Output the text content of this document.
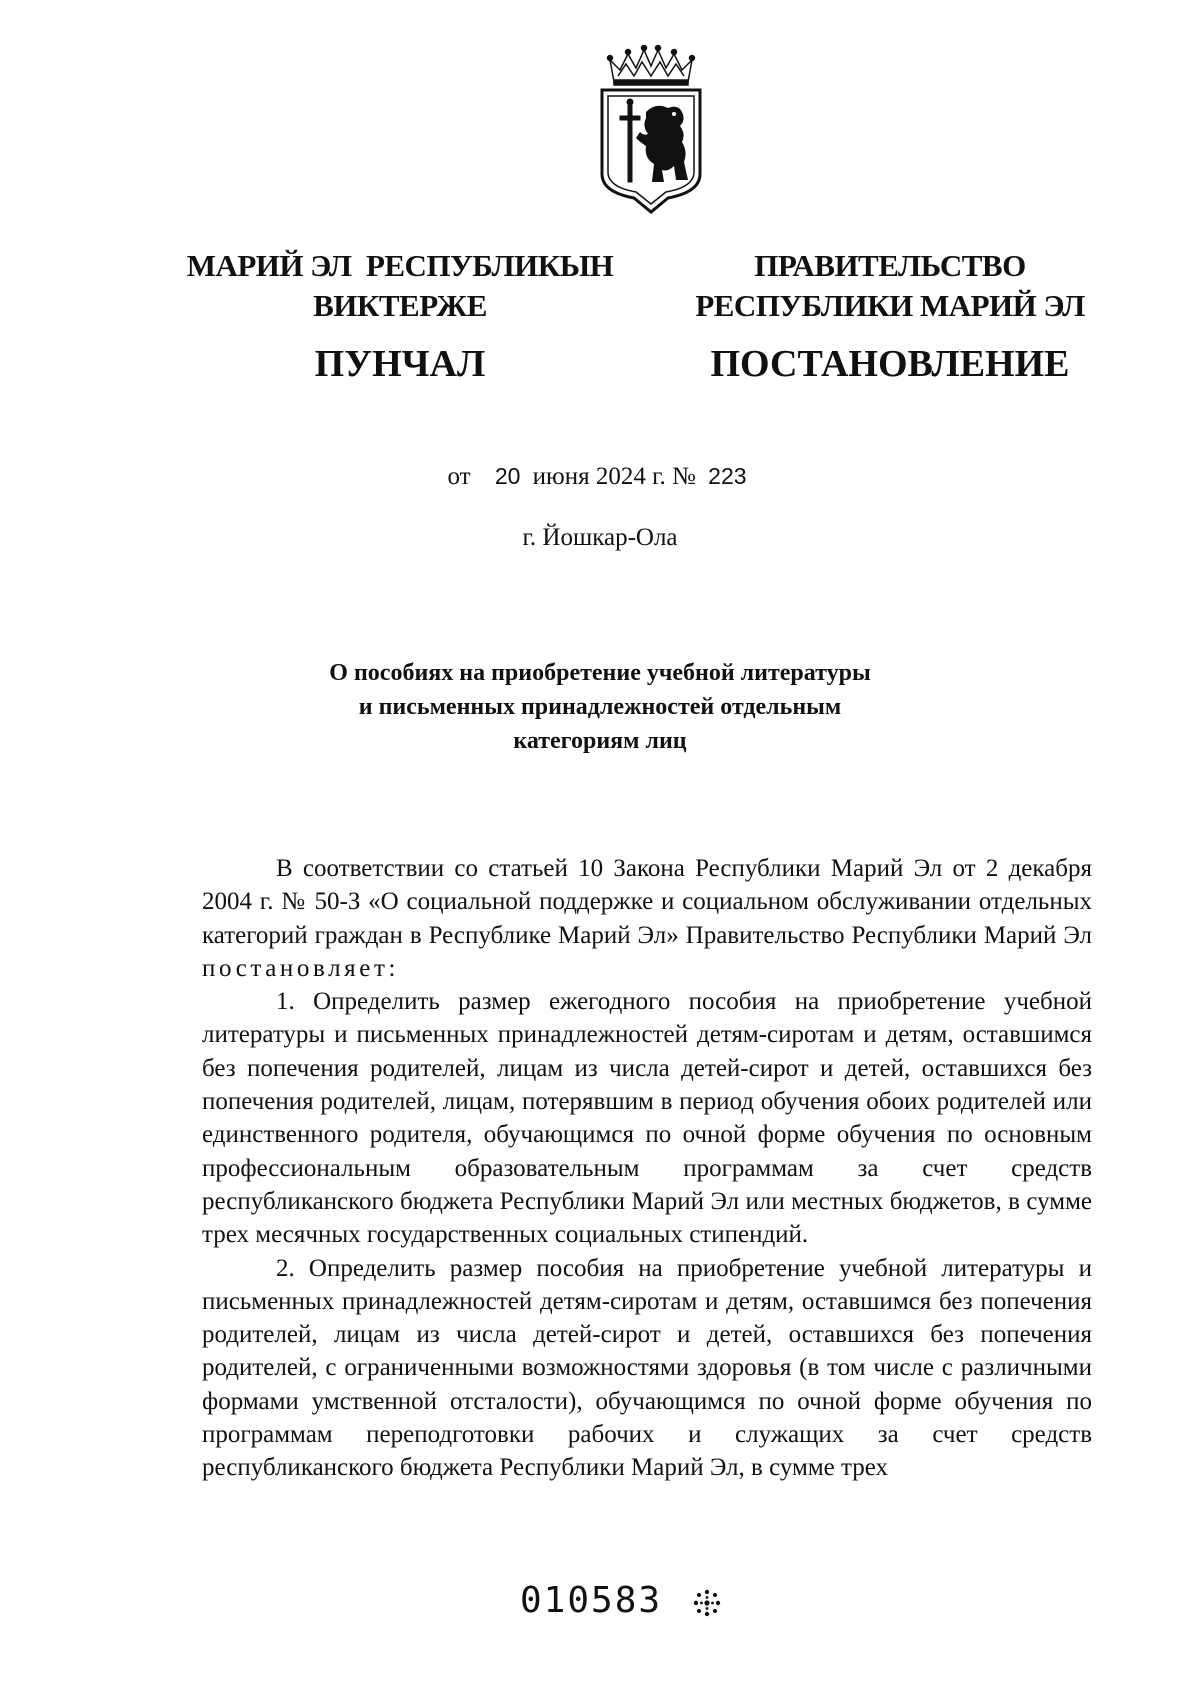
МАРИЙ ЭЛ  РЕСПУБЛИКЫН
ВИКТЕРЖЕ
ПУНЧАЛ
ПРАВИТЕЛЬСТВО
РЕСПУБЛИКИ МАРИЙ ЭЛ
ПОСТАНОВЛЕНИЕ
от 20 июня 2024 г. № 223
г. Йошкар-Ола
О пособиях на приобретение учебной литературы
и письменных принадлежностей отдельным
категориям лиц

В соответствии со статьей 10 Закона Республики Марий Эл от 2 декабря 2004 г. № 50-З «О социальной поддержке и социальном обслуживании отдельных категорий граждан в Республике Марий Эл» Правительство Республики Марий Эл постановляет:

1. Определить размер ежегодного пособия на приобретение учебной литературы и письменных принадлежностей детям-сиротам и детям, оставшимся без попечения родителей, лицам из числа детей-сирот и детей, оставшихся без попечения родителей, лицам, потерявшим в период обучения обоих родителей или единственного родителя, обучающимся по очной форме обучения по основным профессиональным образовательным программам за счет средств республиканского бюджета Республики Марий Эл или местных бюджетов, в сумме трех месячных государственных социальных стипендий.

2. Определить размер пособия на приобретение учебной литературы и письменных принадлежностей детям-сиротам и детям, оставшимся без попечения родителей, лицам из числа детей-сирот и детей, оставшихся без попечения родителей, с ограниченными возможностями здоровья (в том числе с различными формами умственной отсталости), обучающимся по очной форме обучения по программам переподготовки рабочих и служащих за счет средств республиканского бюджета Республики Марий Эл, в сумме трех

010583
